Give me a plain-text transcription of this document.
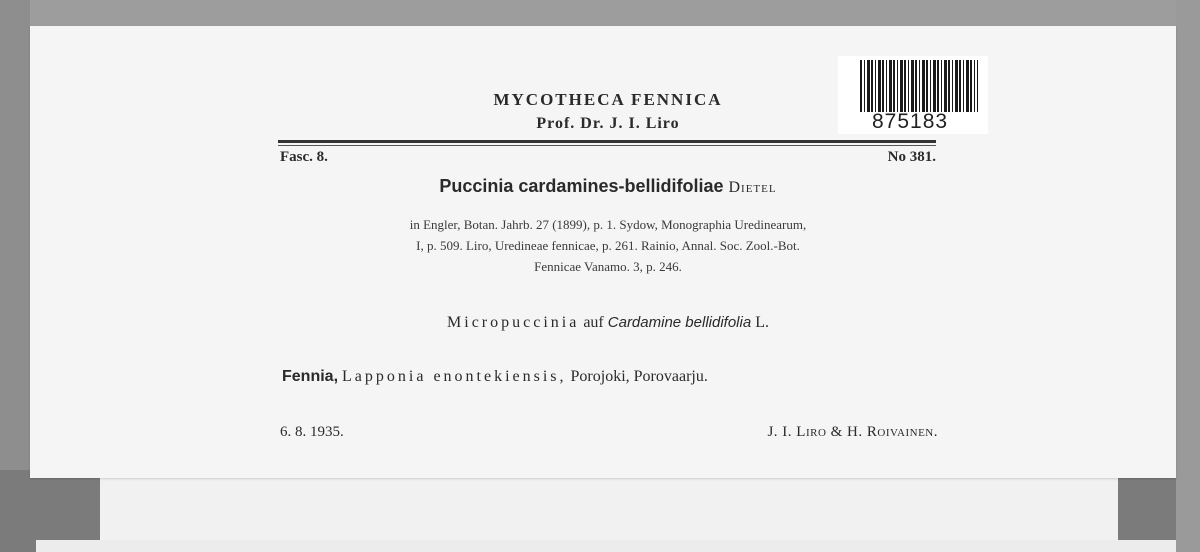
875183
MYCOTHECA FENNICA
Prof. Dr. J. I. Liro
Fasc. 8.	No 381.
Puccinia cardamines-bellidifoliae Dietel
in Engler, Botan. Jahrb. 27 (1899), p. 1. Sydow, Monographia Uredinearum,
I, p. 509. Liro, Uredineae fennicae, p. 261. Rainio, Annal. Soc. Zool.-Bot.
Fennicae Vanamo. 3, p. 246.
Micropuccinia auf Cardamine bellidifolia L.
Fennia, Lapponia enontekiensis, Porojoki, Porovaarju.
6. 8. 1935.	J. I. Liro & H. Roivainen.
